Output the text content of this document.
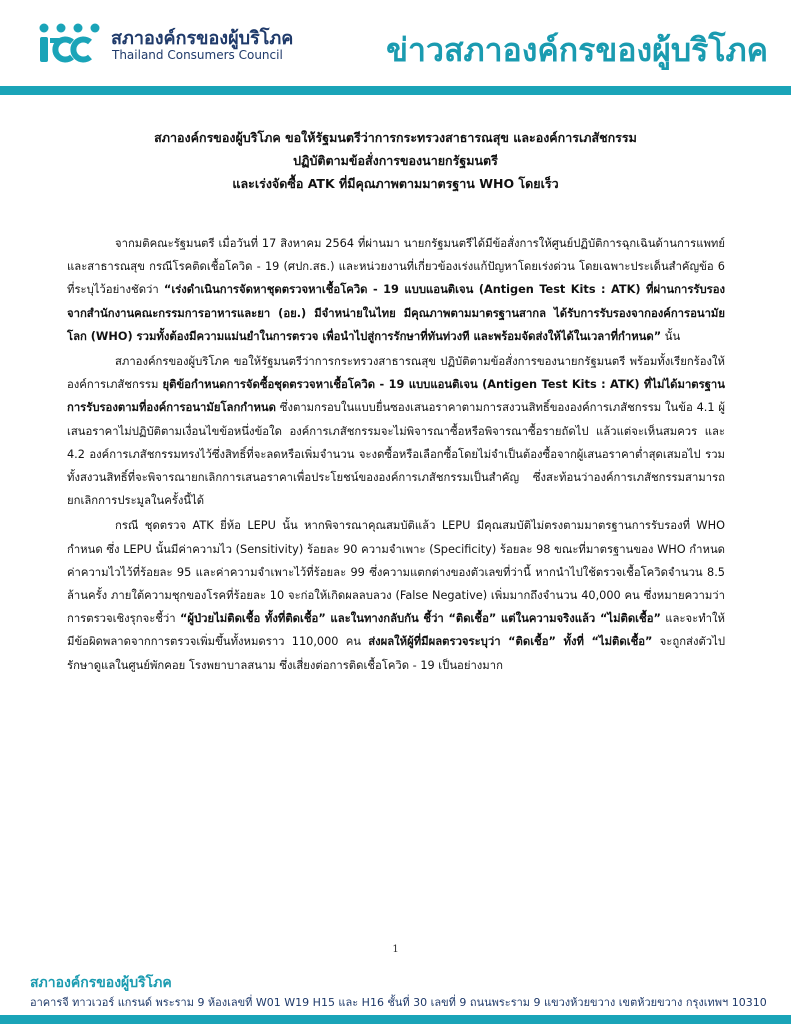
สภาองค์กรของผู้บริโภค
Thailand Consumers Council	ข่าวสภาองค์กรของผู้บริโภค
สภาองค์กรของผู้บริโภค ขอให้รัฐมนตรีว่าการกระทรวงสาธารณสุข และองค์การเภสัชกรรม
ปฏิบัติตามข้อสั่งการของนายกรัฐมนตรี
และเร่งจัดซื้อ ATK ที่มีคุณภาพตามมาตรฐาน WHO โดยเร็ว

จากมติคณะรัฐมนตรี เมื่อวันที่ 17 สิงหาคม 2564 ที่ผ่านมา นายกรัฐมนตรีได้มีข้อสั่งการให้ศูนย์ปฏิบัติการฉุกเฉินด้านการแพทย์และสาธารณสุข กรณีโรคติดเชื้อโควิด - 19 (ศปก.สธ.) และหน่วยงานที่เกี่ยวข้องเร่งแก้ปัญหาโดยเร่งด่วน โดยเฉพาะประเด็นสำคัญข้อ 6 ที่ระบุไว้อย่างชัดว่า “เร่งดำเนินการจัดหาชุดตรวจหาเชื้อโควิด - 19 แบบแอนติเจน (Antigen Test Kits : ATK) ที่ผ่านการรับรองจากสำนักงานคณะกรรมการอาหารและยา (อย.) มีจำหน่ายในไทย มีคุณภาพตามมาตรฐานสากล ได้รับการรับรองจากองค์การอนามัยโลก (WHO) รวมทั้งต้องมีความแม่นยำในการตรวจ เพื่อนำไปสู่การรักษาที่ทันท่วงที และพร้อมจัดส่งให้ได้ในเวลาที่กำหนด” นั้น

สภาองค์กรของผู้บริโภค ขอให้รัฐมนตรีว่าการกระทรวงสาธารณสุข ปฏิบัติตามข้อสั่งการของนายกรัฐมนตรี พร้อมทั้งเรียกร้องให้องค์การเภสัชกรรม ยุติข้อกำหนดการจัดซื้อชุดตรวจหาเชื้อโควิด - 19 แบบแอนติเจน (Antigen Test Kits : ATK) ที่ไม่ได้มาตรฐานการรับรองตามที่องค์การอนามัยโลกกำหนด ซึ่งตามกรอบในแบบยื่นซองเสนอราคาตามการสงวนสิทธิ์ขององค์การเภสัชกรรม ในข้อ 4.1 ผู้เสนอราคาไม่ปฏิบัติตามเงื่อนไขข้อหนึ่งข้อใด องค์การเภสัชกรรมจะไม่พิจารณาซื้อหรือพิจารณาซื้อรายถัดไป แล้วแต่จะเห็นสมควร และ 4.2 องค์การเภสัชกรรมทรงไว้ซึ่งสิทธิ์ที่จะลดหรือเพิ่มจำนวน จะงดซื้อหรือเลือกซื้อโดยไม่จำเป็นต้องซื้อจากผู้เสนอราคาต่ำสุดเสมอไป รวมทั้งสงวนสิทธิ์ที่จะพิจารณายกเลิกการเสนอราคาเพื่อประโยชน์ขององค์การเภสัชกรรมเป็นสำคัญ ซึ่งสะท้อนว่าองค์การเภสัชกรรมสามารถยกเลิกการประมูลในครั้งนี้ได้

กรณี ชุดตรวจ ATK ยี่ห้อ LEPU นั้น หากพิจารณาคุณสมบัติแล้ว LEPU มีคุณสมบัติไม่ตรงตามมาตรฐานการรับรองที่ WHO กำหนด ซึ่ง LEPU นั้นมีค่าความไว (Sensitivity) ร้อยละ 90 ความจำเพาะ (Specificity) ร้อยละ 98 ขณะที่มาตรฐานของ WHO กำหนดค่าความไวไว้ที่ร้อยละ 95 และค่าความจำเพาะไว้ที่ร้อยละ 99 ซึ่งความแตกต่างของตัวเลขที่ว่านี้ หากนำไปใช้ตรวจเชื้อโควิดจำนวน 8.5 ล้านครั้ง ภายใต้ความชุกของโรคที่ร้อยละ 10 จะก่อให้เกิดผลลบลวง (False Negative) เพิ่มมากถึงจำนวน 40,000 คน ซึ่งหมายความว่า การตรวจเชิงรุกจะชี้ว่า “ผู้ป่วยไม่ติดเชื้อ ทั้งที่ติดเชื้อ” และในทางกลับกัน ชี้ว่า “ติดเชื้อ” แต่ในความจริงแล้ว “ไม่ติดเชื้อ” และจะทำให้มีข้อผิดพลาดจากการตรวจเพิ่มขึ้นทั้งหมดราว 110,000 คน ส่งผลให้ผู้ที่มีผลตรวจระบุว่า “ติดเชื้อ” ทั้งที่ “ไม่ติดเชื้อ” จะถูกส่งตัวไปรักษาดูแลในศูนย์พักคอย โรงพยาบาลสนาม ซึ่งเสี่ยงต่อการติดเชื้อโควิด - 19 เป็นอย่างมาก

1
สภาองค์กรของผู้บริโภค
อาคารจี ทาวเวอร์ แกรนด์ พระราม 9 ห้องเลขที่ W01 W19 H15 และ H16 ชั้นที่ 30 เลขที่ 9 ถนนพระราม 9 แขวงห้วยขวาง เขตห้วยขวาง กรุงเทพฯ 10310
